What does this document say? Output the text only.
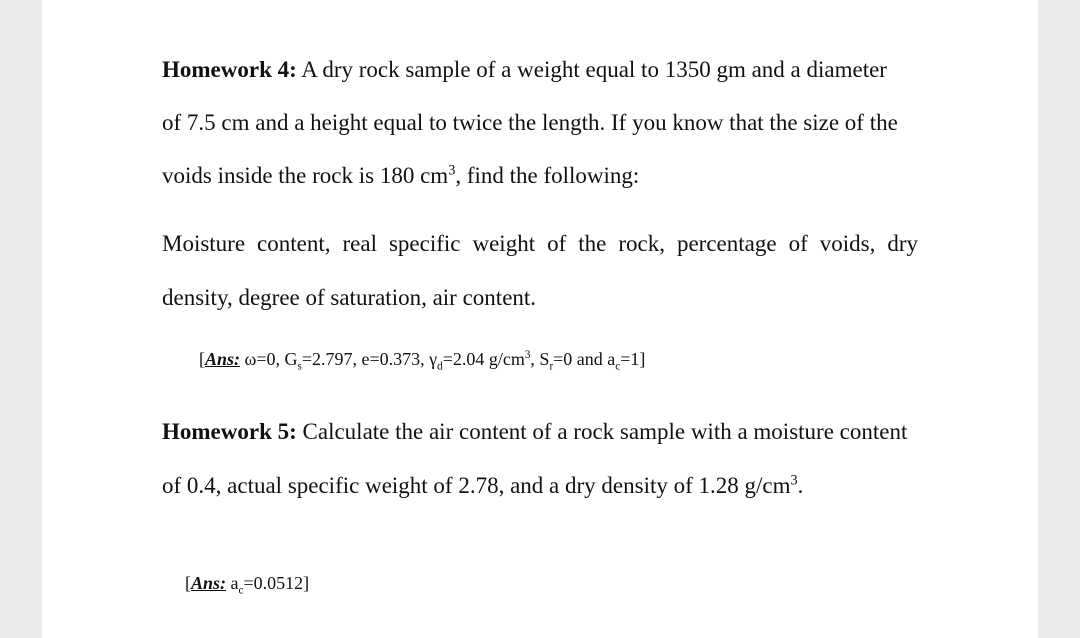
Homework 4: A dry rock sample of a weight equal to 1350 gm and a diameter
of 7.5 cm and a height equal to twice the length. If you know that the size of the
voids inside the rock is 180 $cm^3$, find the following:
Moisture content, real specific weight of the rock, percentage of voids, dry
density, degree of saturation, air content.
[Ans: ω=0, $G_s=2.797$, e=0.373, $\gamma_d=2.04$ $g/cm^3$, $S_r=0$ and $a_c=1$]
Homework 5: Calculate the air content of a rock sample with a moisture content
of 0.4, actual specific weight of 2.78, and a dry density of 1.28 $g/cm^3$.
[Ans: $a_c=0.0512$]
